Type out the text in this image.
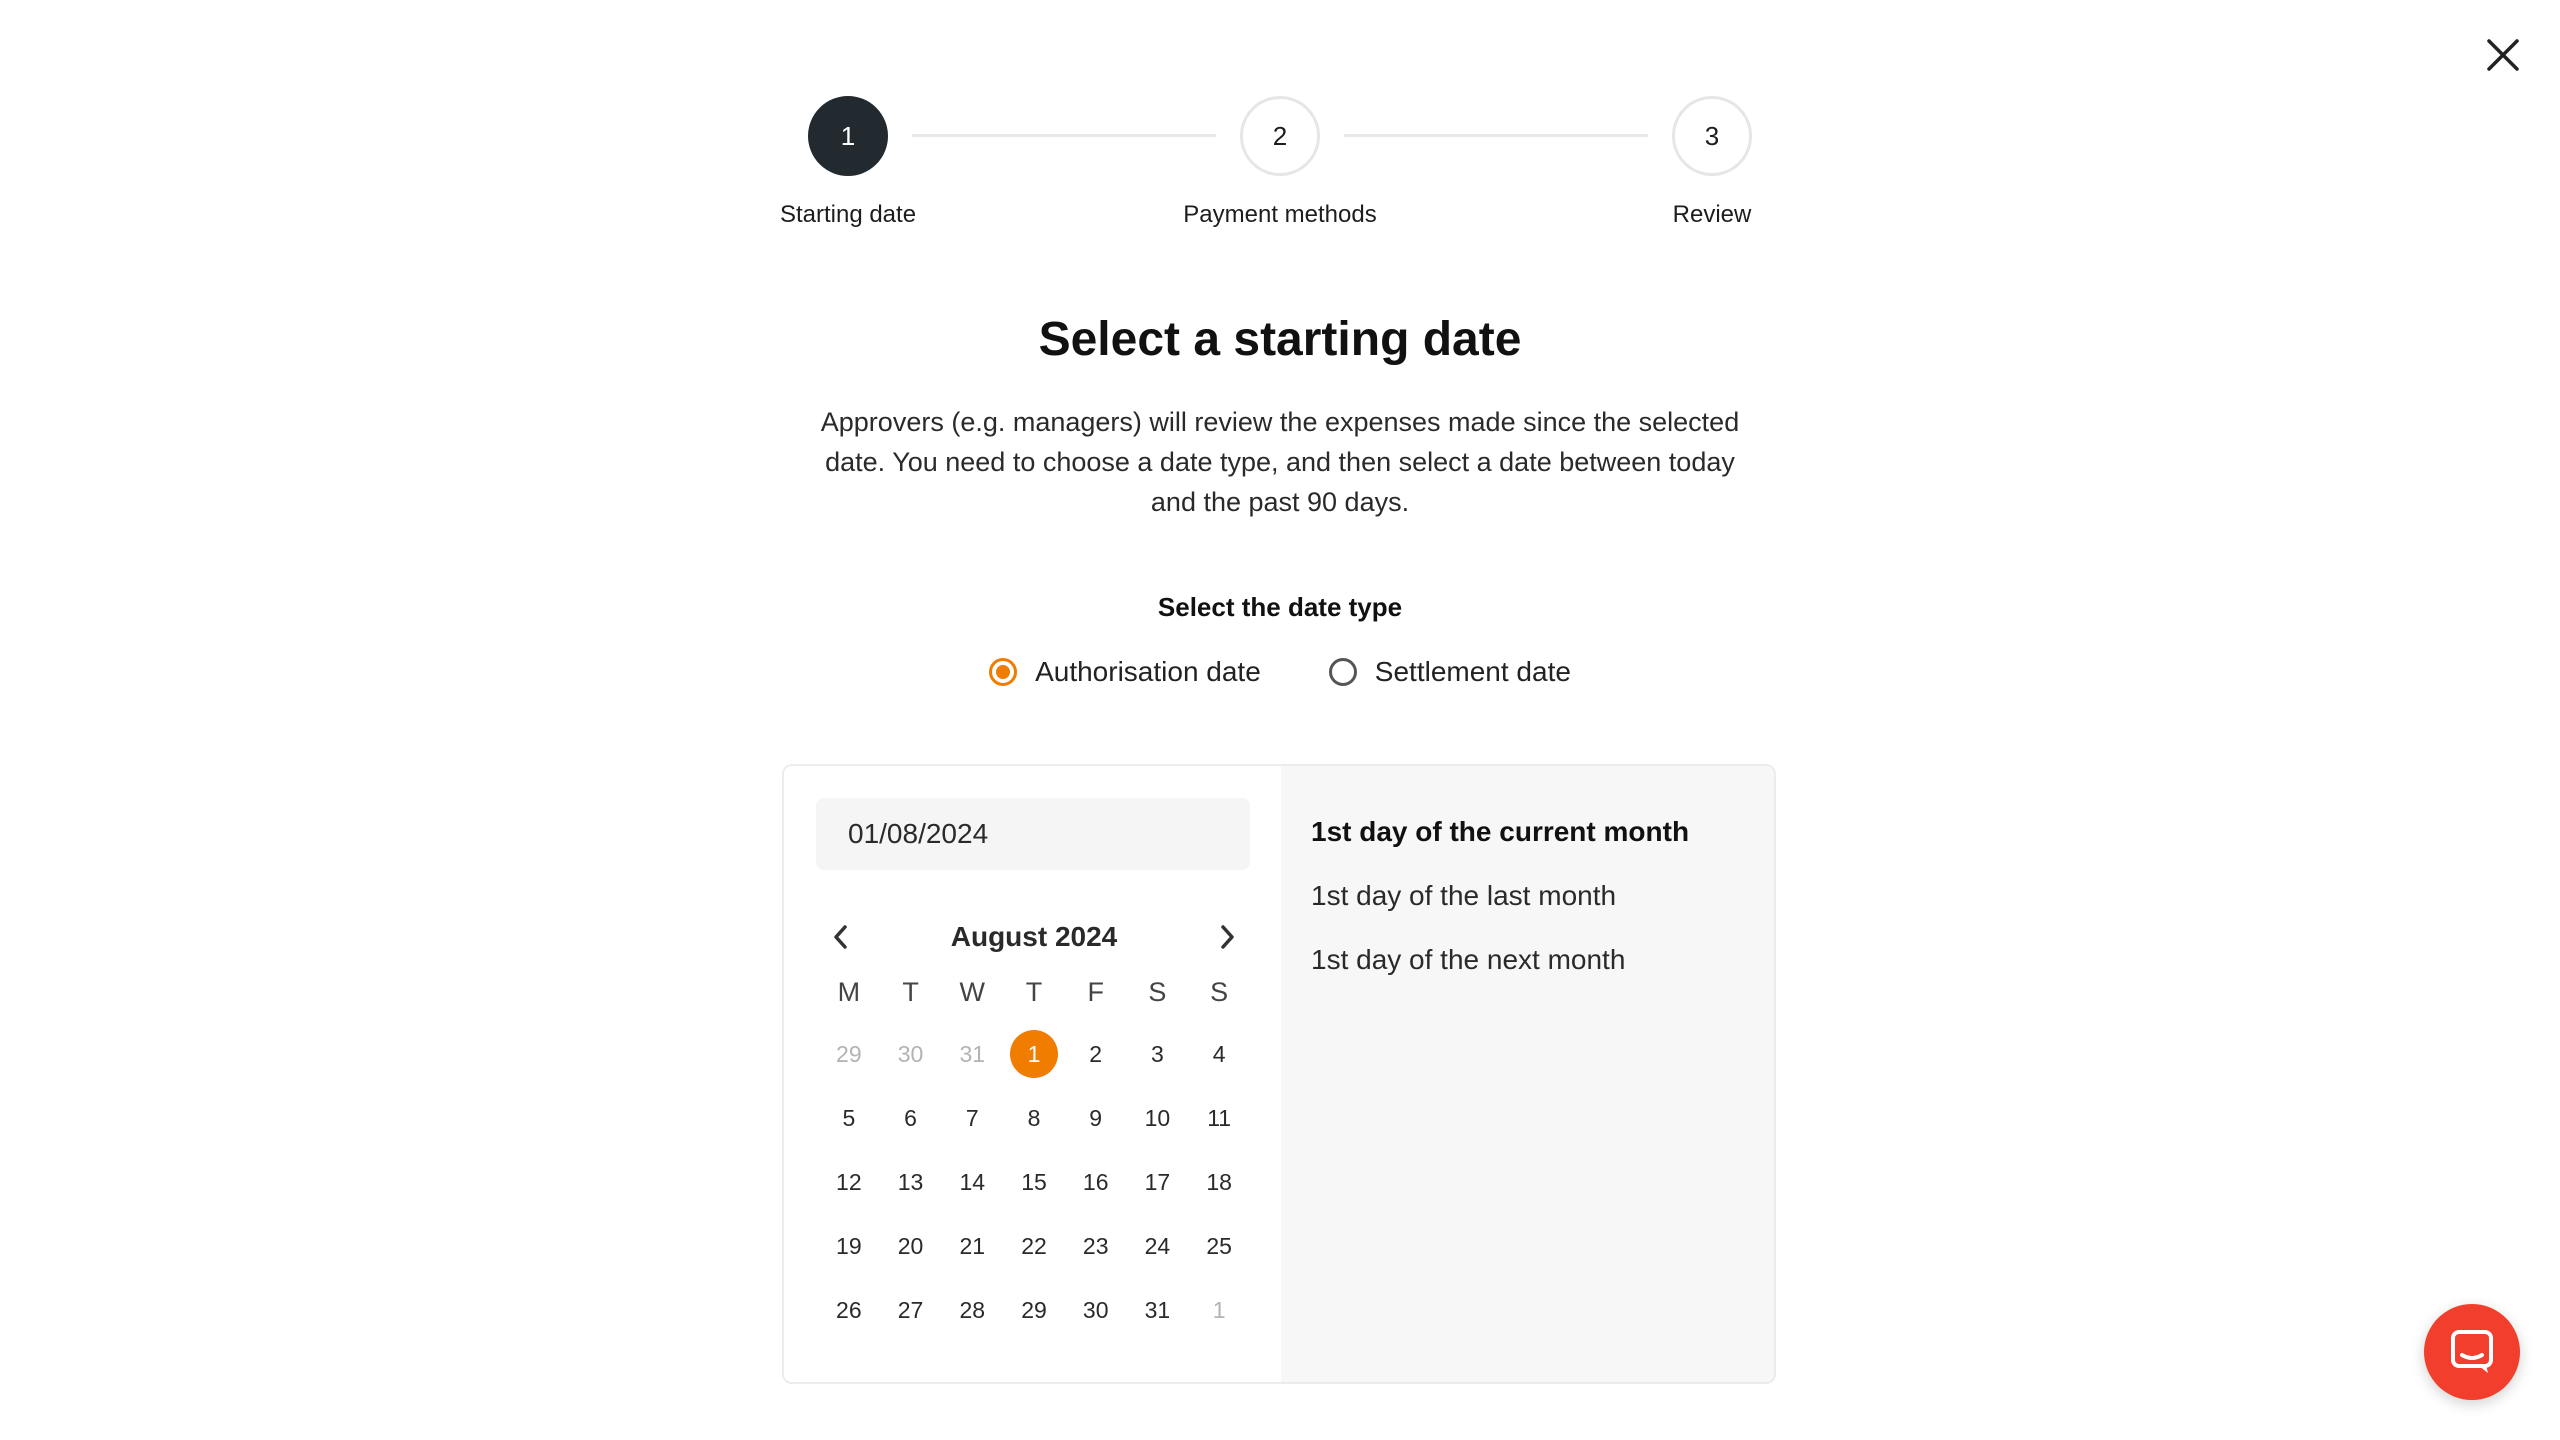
1
Starting date
2
Payment methods
3
Review
Select a starting date

Approvers (e.g. managers) will review the expenses made since the selected date. You need to choose a date type, and then select a date between today and the past 90 days.

Select the date type
Authorisation date	Settlement date
01/08/2024
August 2024
M	T	W	T	F	S	S
29	30	31	1	2	3	4
5	6	7	8	9	10	11
12	13	14	15	16	17	18
19	20	21	22	23	24	25
26	27	28	29	30	31	1
1st day of the current month
1st day of the last month
1st day of the next month
